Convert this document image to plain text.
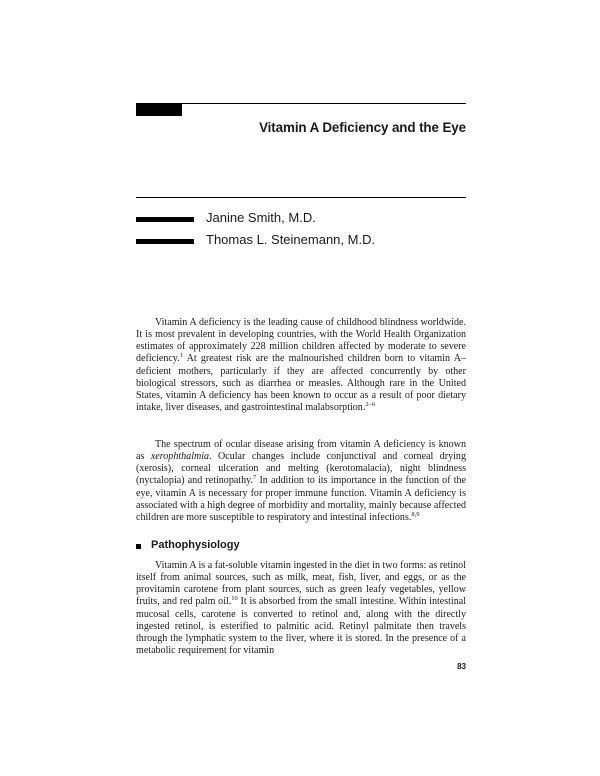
Vitamin A Deficiency and the Eye
Janine Smith, M.D.
Thomas L. Steinemann, M.D.

Vitamin A deficiency is the leading cause of childhood blindness worldwide. It is most prevalent in developing countries, with the World Health Organization estimates of approximately 228 million children affected by moderate to severe deficiency.$^1$ At greatest risk are the malnourished children born to vitamin A–deficient mothers, particularly if they are affected concurrently by other biological stressors, such as diarrhea or measles. Although rare in the United States, vitamin A deficiency has been known to occur as a result of poor dietary intake, liver diseases, and gastrointestinal malabsorption.$^{2-6}$

The spectrum of ocular disease arising from vitamin A deficiency is known as xerophthalmia. Ocular changes include conjunctival and corneal drying (xerosis), corneal ulceration and melting (kerotomalacia), night blindness (nyctalopia) and retinopathy.$^7$ In addition to its importance in the function of the eye, vitamin A is necessary for proper immune function. Vitamin A deficiency is associated with a high degree of morbidity and mortality, mainly because affected children are more susceptible to respiratory and intestinal infections.$^{8,9}$

Pathophysiology

Vitamin A is a fat-soluble vitamin ingested in the diet in two forms: as retinol itself from animal sources, such as milk, meat, fish, liver, and eggs, or as the provitamin carotene from plant sources, such as green leafy vegetables, yellow fruits, and red palm oil.$^{10}$ It is absorbed from the small intestine. Within intestinal mucosal cells, carotene is converted to retinol and, along with the directly ingested retinol, is esterified to palmitic acid. Retinyl palmitate then travels through the lymphatic system to the liver, where it is stored. In the presence of a metabolic requirement for vitamin

83
